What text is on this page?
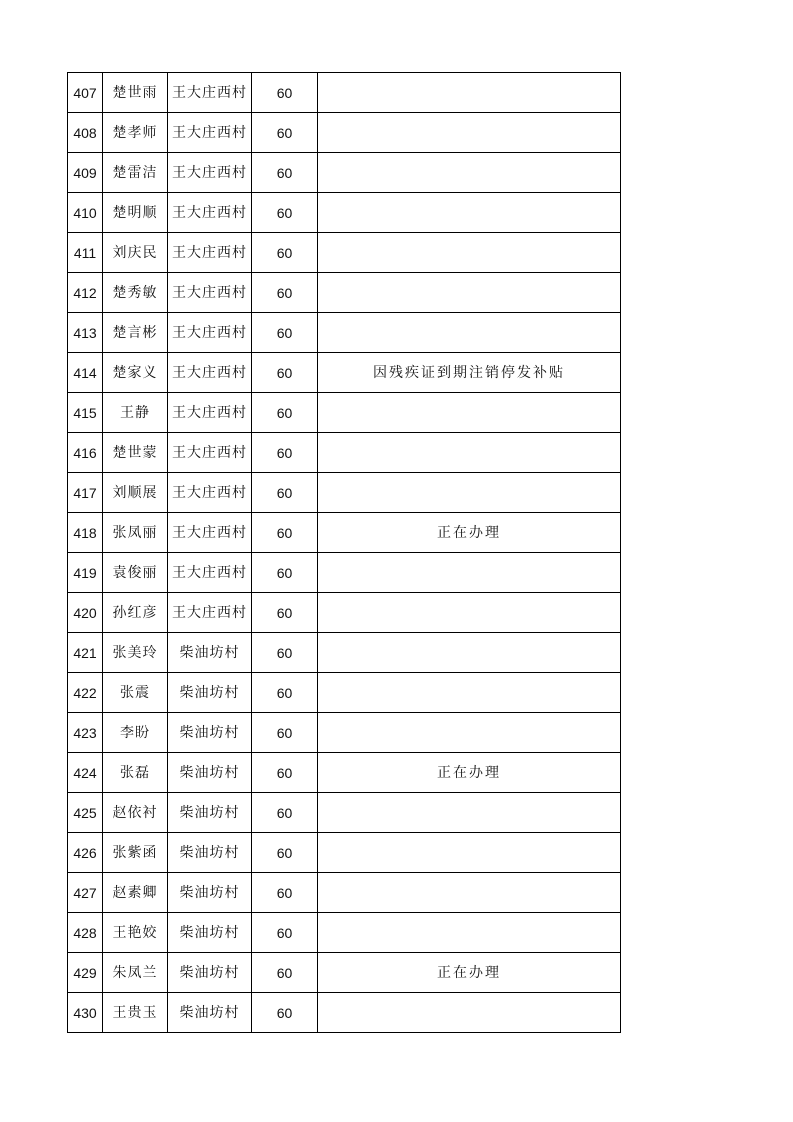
407	楚世雨	王大庄西村	60	
408	楚孝师	王大庄西村	60	
409	楚雷洁	王大庄西村	60	
410	楚明顺	王大庄西村	60	
411	刘庆民	王大庄西村	60	
412	楚秀敏	王大庄西村	60	
413	楚言彬	王大庄西村	60	
414	楚家义	王大庄西村	60	因残疾证到期注销停发补贴
415	王静	王大庄西村	60	
416	楚世蒙	王大庄西村	60	
417	刘顺展	王大庄西村	60	
418	张凤丽	王大庄西村	60	正在办理
419	袁俊丽	王大庄西村	60	
420	孙红彦	王大庄西村	60	
421	张美玲	柴油坊村	60	
422	张震	柴油坊村	60	
423	李盼	柴油坊村	60	
424	张磊	柴油坊村	60	正在办理
425	赵依衬	柴油坊村	60	
426	张紫函	柴油坊村	60	
427	赵素卿	柴油坊村	60	
428	王艳姣	柴油坊村	60	
429	朱凤兰	柴油坊村	60	正在办理
430	王贵玉	柴油坊村	60	
